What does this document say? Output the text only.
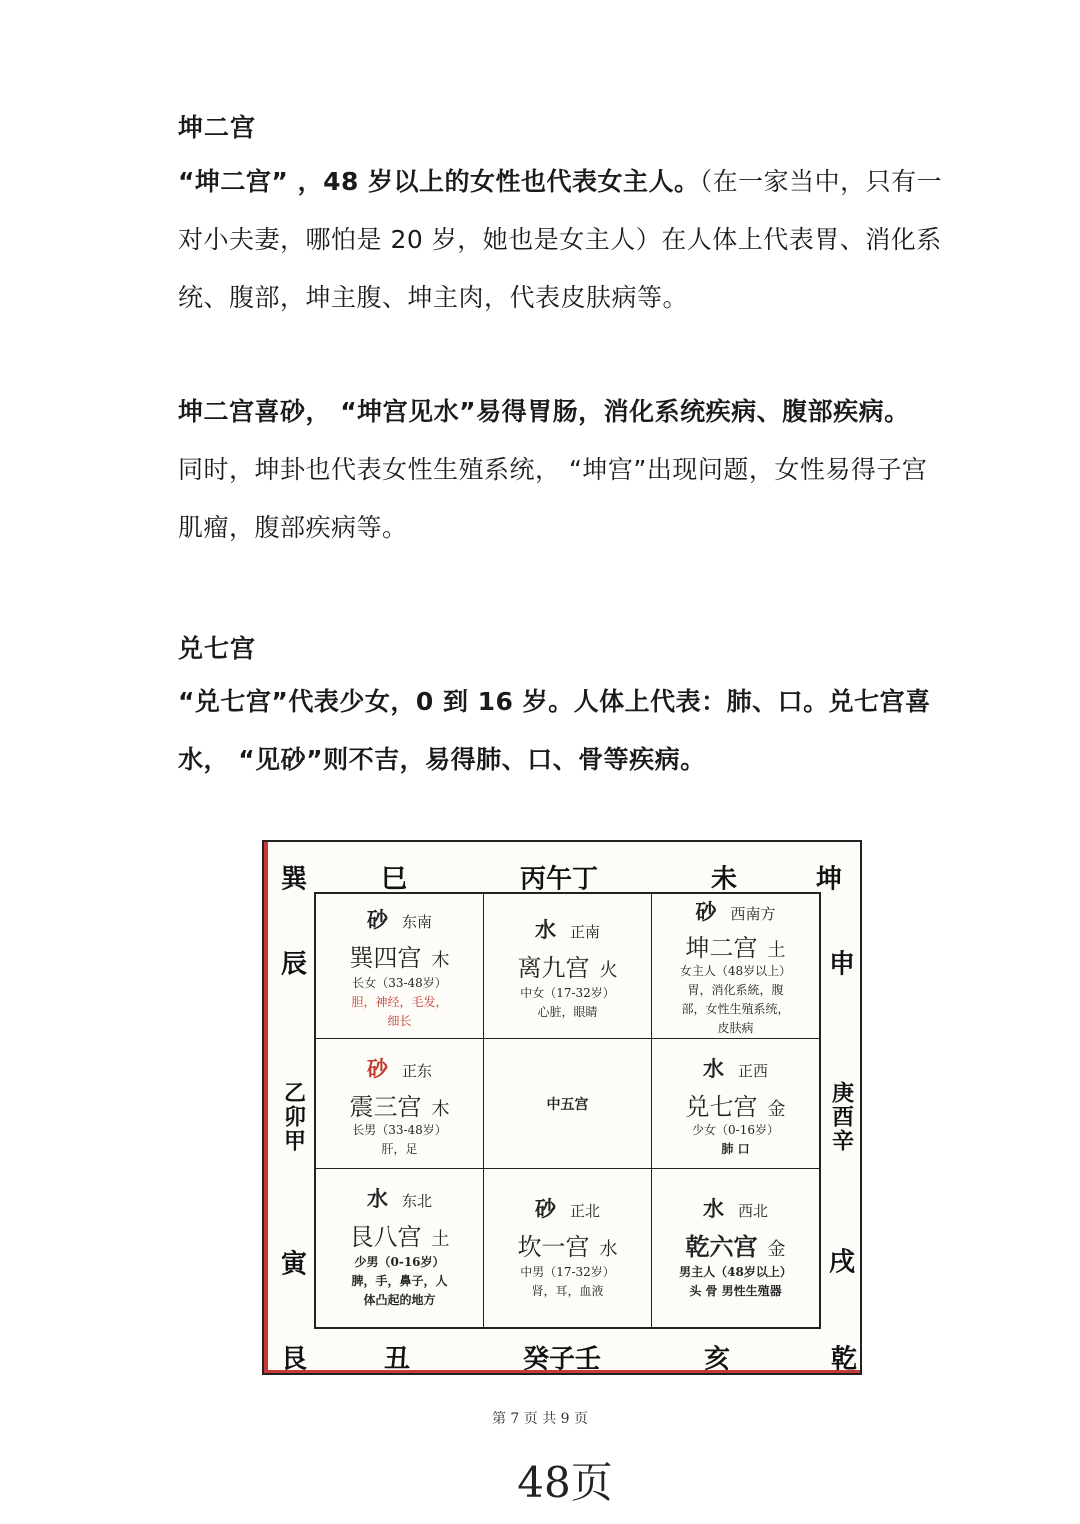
坤二宫
“坤二宫” ，48 岁以上的女性也代表女主人。（在一家当中，只有一对小夫妻，哪怕是 20 岁，她也是女主人）在人体上代表胃、消化系统、腹部，坤主腹、坤主肉，代表皮肤病等。
坤二宫喜砂， “坤宫见水”易得胃肠，消化系统疾病、腹部疾病。
同时，坤卦也代表女性生殖系统， “坤宫”出现问题，女性易得子宫肌瘤，腹部疾病等。
兑七宫
“兑七宫”代表少女，0 到 16 岁。人体上代表：肺、口。兑七宫喜水， “见砂”则不吉，易得肺、口、骨等疾病。
巽	坤
艮	乾
巳	丙午丁	未
丑	癸子壬	亥
辰
乙卯甲
寅
申
庚酉辛
戌
砂 东南
巽四宫 木
长女（33-48岁）
胆，神经，毛发，
细长
水 正南
离九宫 火
中女（17-32岁）
心脏，眼睛
砂 西南方
坤二宫 土
女主人（48岁以上）
胃，消化系統，腹
部，女性生殖系统，
皮肤病
砂 正东
震三宫 木
长男（33-48岁）
肝，足
中五宫
水 正西
兑七宫 金
少女（0-16岁）
肺 口
水 东北
艮八宫 土
少男（0-16岁）
脾，手，鼻子，人
体凸起的地方
砂 正北
坎一宫 水
中男（17-32岁）
肾，耳，血液
水 西北
乾六宫 金
男主人（48岁以上）
头 骨 男性生殖器
第 7 页 共 9 页
48页
